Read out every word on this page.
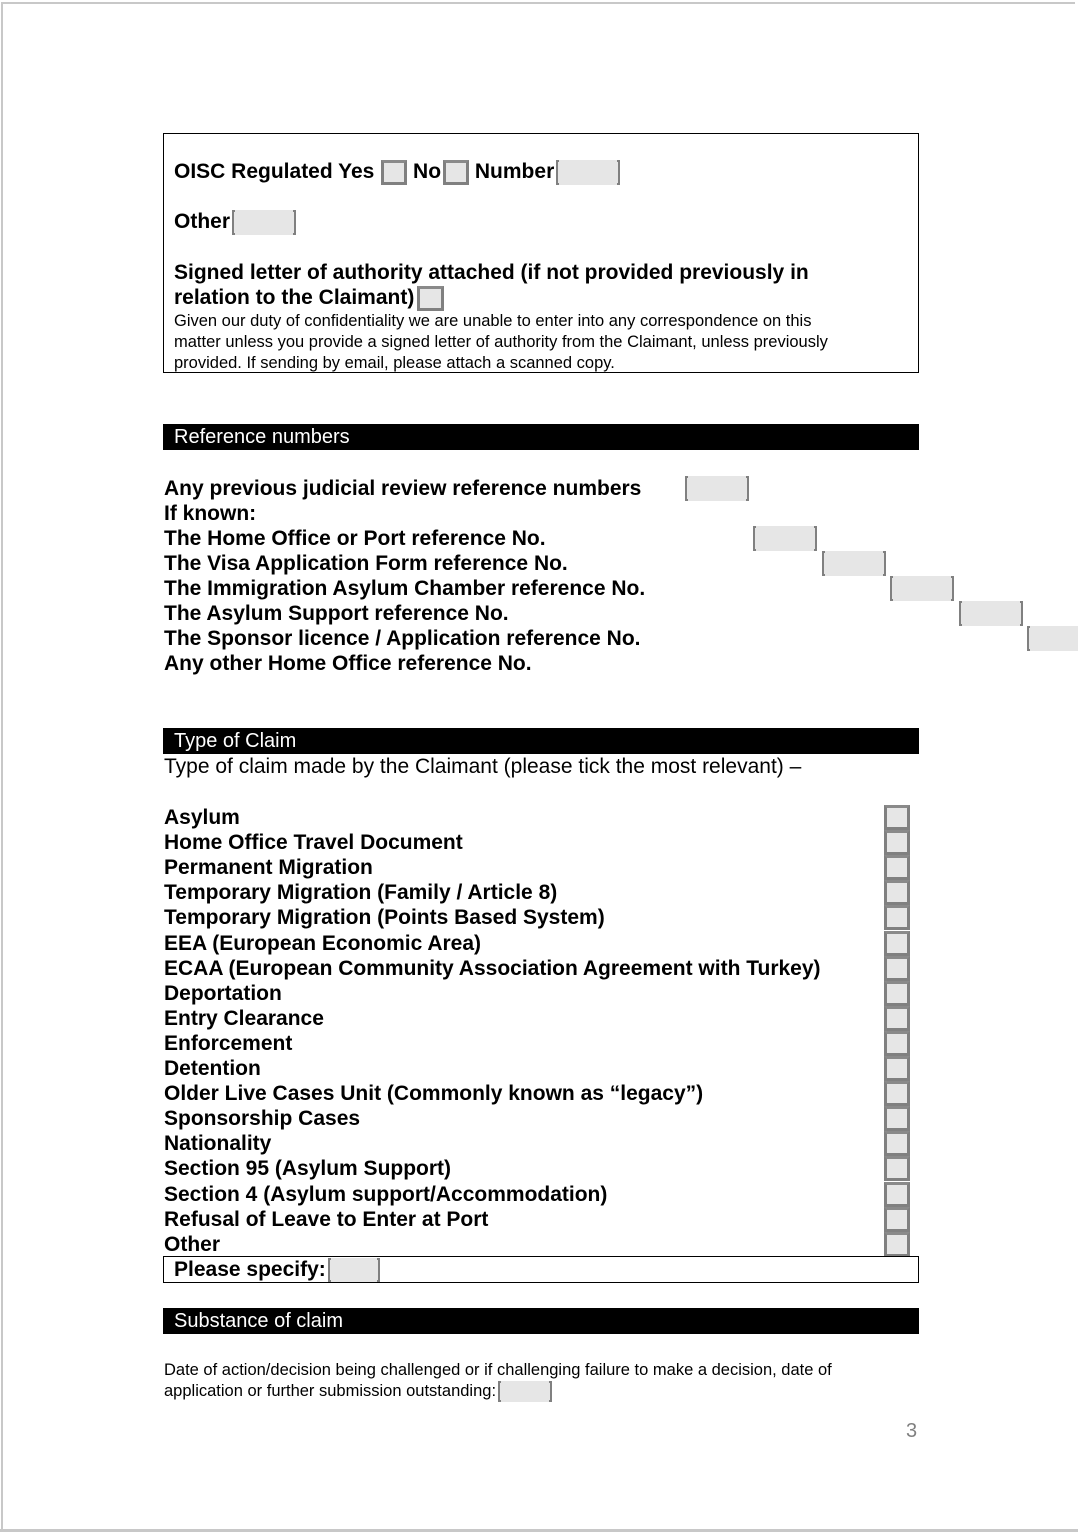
OISC Regulated Yes No Number
Other
Signed letter of authority attached (if not provided previously in
relation to the Claimant)
Given our duty of confidentiality we are unable to enter into any correspondence on this
matter unless you provide a signed letter of authority from the Claimant, unless previously
provided. If sending by email, please attach a scanned copy.
Reference numbers
Any previous judicial review reference numbers

If known:
The Home Office or Port reference No.

The Visa Application Form reference No.

The Immigration Asylum Chamber reference No.

The Asylum Support reference No.

The Sponsor licence / Application reference No.

Any other Home Office reference No.
Type of Claim
Type of claim made by the Claimant (please tick the most relevant) –
Asylum
Home Office Travel Document
Permanent Migration
Temporary Migration (Family / Article 8)
Temporary Migration (Points Based System)
EEA (European Economic Area)
ECAA (European Community Association Agreement with Turkey)
Deportation
Entry Clearance
Enforcement
Detention
Older Live Cases Unit (Commonly known as “legacy”)
Sponsorship Cases
Nationality
Section 95 (Asylum Support)
Section 4 (Asylum support/Accommodation)
Refusal of Leave to Enter at Port
Other
Please specify:
Substance of claim
Date of action/decision being challenged or if challenging failure to make a decision, date of
application or further submission outstanding:
3
